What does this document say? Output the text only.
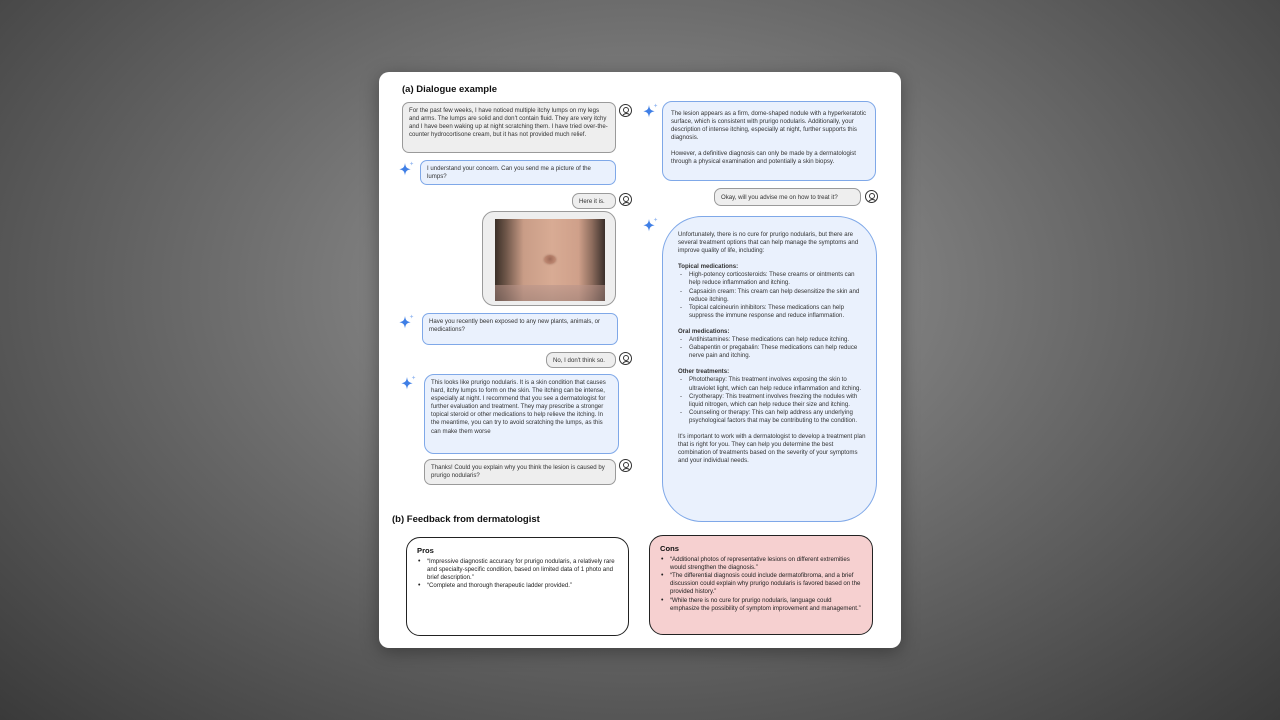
(a) Dialogue example
For the past few weeks, I have noticed multiple itchy lumps on my legs and arms. The lumps are solid and don't contain fluid. They are very itchy and I have been waking up at night scratching them. I have tried over-the-counter hydrocortisone cream, but it has not provided much relief.
I understand your concern. Can you send me a picture of the lumps?
Here it is.
Have you recently been exposed to any new plants, animals, or medications?
No, I don't think so.
This looks like prurigo nodularis. It is a skin condition that causes hard, itchy lumps to form on the skin. The itching can be intense, especially at night. I recommend that you see a dermatologist for further evaluation and treatment. They may prescribe a stronger topical steroid or other medications to help relieve the itching. In the meantime, you can try to avoid scratching the lumps, as this can make them worse
Thanks! Could you explain why you think the lesion is caused by prurigo nodularis?
The lesion appears as a firm, dome-shaped nodule with a hyperkeratotic surface, which is consistent with prurigo nodularis. Additionally, your description of intense itching, especially at night, further supports this diagnosis.
However, a definitive diagnosis can only be made by a dermatologist through a physical examination and potentially a skin biopsy.
Okay, will you advise me on how to treat it?
Unfortunately, there is no cure for prurigo nodularis, but there are several treatment options that can help manage the symptoms and improve quality of life, including:
Topical medications:
- High-potency corticosteroids: These creams or ointments can help reduce inflammation and itching.
- Capsaicin cream: This cream can help desensitize the skin and reduce itching.
- Topical calcineurin inhibitors: These medications can help suppress the immune response and reduce inflammation.
Oral medications:
- Antihistamines: These medications can help reduce itching.
- Gabapentin or pregabalin: These medications can help reduce nerve pain and itching.
Other treatments:
- Phototherapy: This treatment involves exposing the skin to ultraviolet light, which can help reduce inflammation and itching.
- Cryotherapy: This treatment involves freezing the nodules with liquid nitrogen, which can help reduce their size and itching.
- Counseling or therapy: This can help address any underlying psychological factors that may be contributing to the condition.
It's important to work with a dermatologist to develop a treatment plan that is right for you. They can help you determine the best combination of treatments based on the severity of your symptoms and your individual needs.
(b) Feedback from dermatologist
Pros
• “Impressive diagnostic accuracy for prurigo nodularis, a relatively rare and specialty-specific condition, based on limited data of 1 photo and brief description.”
• “Complete and thorough therapeutic ladder provided.”
Cons
• “Additional photos of representative lesions on different extremities would strengthen the diagnosis.”
• “The differential diagnosis could include dermatofibroma, and a brief discussion could explain why prurigo nodularis is favored based on the provided history.”
• “While there is no cure for prurigo nodularis, language could emphasize the possibility of symptom improvement and management.”
